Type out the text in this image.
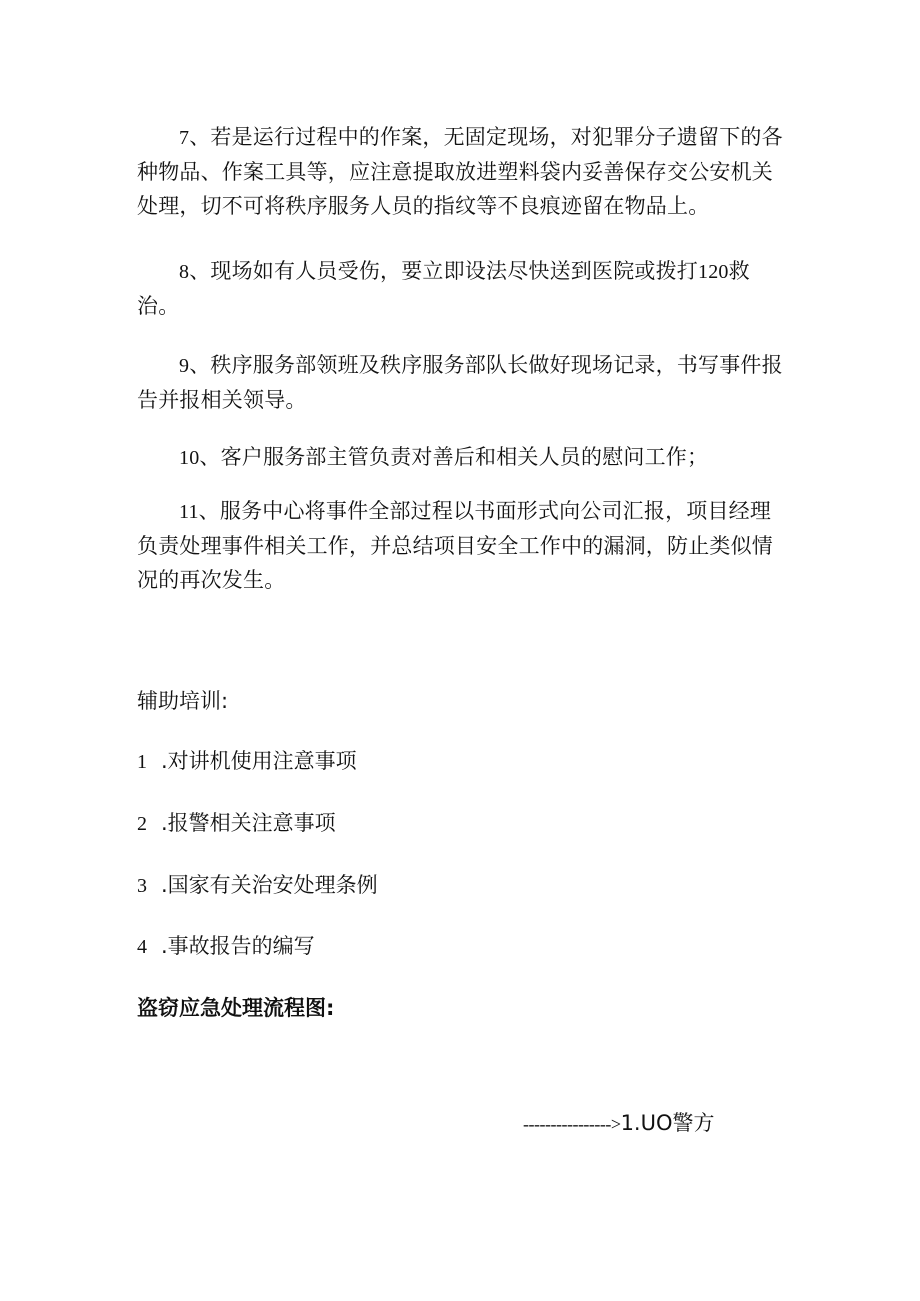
7、若是运行过程中的作案，无固定现场，对犯罪分子遗留下的各种物品、作案工具等，应注意提取放进塑料袋内妥善保存交公安机关处理，切不可将秩序服务人员的指纹等不良痕迹留在物品上。

8、现场如有人员受伤，要立即设法尽快送到医院或拨打120救治。

9、秩序服务部领班及秩序服务部队长做好现场记录，书写事件报告并报相关领导。

10、客户服务部主管负责对善后和相关人员的慰问工作；

11、服务中心将事件全部过程以书面形式向公司汇报，项目经理负责处理事件相关工作，并总结项目安全工作中的漏洞，防止类似情况的再次发生。

辅助培训:

1 .对讲机使用注意事项

2 .报警相关注意事项

3 .国家有关治安处理条例

4 .事故报告的编写

盗窃应急处理流程图:

---------------->1.UO警方
